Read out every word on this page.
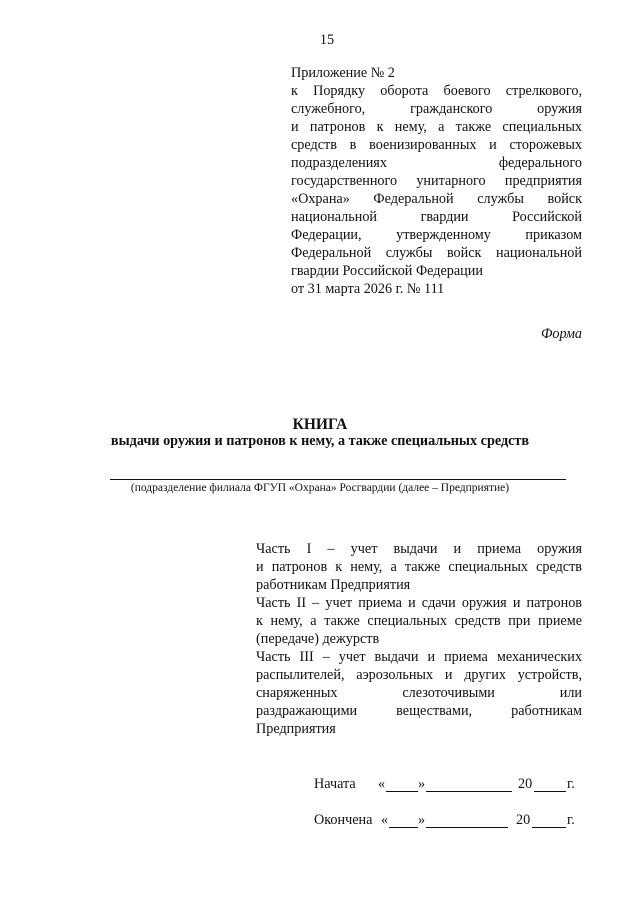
15
Приложение № 2
к Порядку оборота боевого стрелкового,
служебного, гражданского оружия
и патронов к нему, а также специальных
средств в военизированных и сторожевых
подразделениях федерального
государственного унитарного предприятия
«Охрана» Федеральной службы войск
национальной гвардии Российской
Федерации, утвержденному приказом
Федеральной службы войск национальной
гвардии Российской Федерации
от 31 марта 2026 г. № 111
Форма
КНИГА
выдачи оружия и патронов к нему, а также специальных средств
(подразделение филиала ФГУП «Охрана» Росгвардии (далее – Предприятие)
Часть I – учет выдачи и приема оружия
и патронов к нему, а также специальных средств
работникам Предприятия
Часть II – учет приема и сдачи оружия и патронов
к нему, а также специальных средств при приеме
(передаче) дежурств
Часть III – учет выдачи и приема механических
распылителей, аэрозольных и других устройств,
снаряженных слезоточивыми или
раздражающими веществами, работникам
Предприятия
Начата « »	20 г.
Окончена « »	20	г.
